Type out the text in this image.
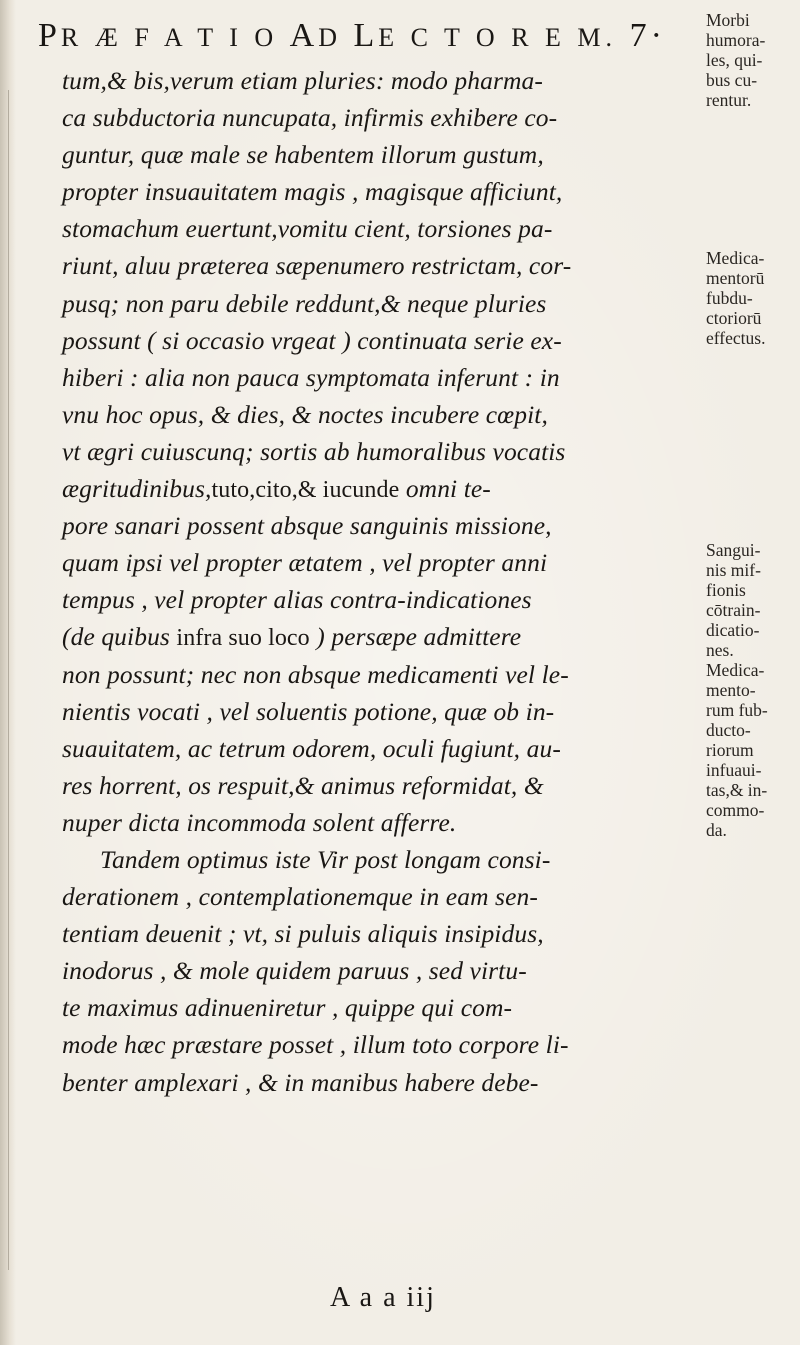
PR Æ F A T I O AD LE C T O R E M. 7·
tum,& bis,verum etiam pluries: modo pharma-
ca subductoria nuncupata, infirmis exhibere co-
guntur, quæ male se habentem illorum gustum,
propter insuauitatem magis , magisque afficiunt,
stomachum euertunt,vomitu cient, torsiones pa-
riunt, aluu præterea sæpenumero restrictam, cor-
pusq; non paru debile reddunt,& neque pluries
possunt ( si occasio vrgeat ) continuata serie ex-
hiberi : alia non pauca symptomata inferunt : in
vnu hoc opus, & dies, & noctes incubere cœpit,
vt ægri cuiuscunq; sortis ab humoralibus vocatis
ægritudinibus,tuto,cito,& iucunde omni te-
pore sanari possent absque sanguinis missione,
quam ipsi vel propter ætatem , vel propter anni
tempus , vel propter alias contra-indicationes
(de quibus infra suo loco ) persæpe admittere
non possunt; nec non absque medicamenti vel le-
nientis vocati , vel soluentis potione, quæ ob in-
suauitatem, ac tetrum odorem, oculi fugiunt, au-
res horrent, os respuit,& animus reformidat, &
nuper dicta incommoda solent afferre.
Tandem optimus iste Vir post longam consi-
derationem , contemplationemque in eam sen-
tentiam deuenit ; vt, si puluis aliquis insipidus,
inodorus , & mole quidem paruus , sed virtu-
te maximus adinueniretur , quippe qui com-
mode hæc præstare posset , illum toto corpore li-
benter amplexari , & in manibus habere debe-
Morbi
humora-
les, qui-
bus cu-
rentur.
Medica-
mentorū
fubdu-
ctoriorū
effectus.
Sangui-
nis mif-
fionis
cōtrain-
dicatio-
nes.
Medica-
mento-
rum fub-
ducto-
riorum
infuaui-
tas,& in-
commo-
da.
A a a iij
